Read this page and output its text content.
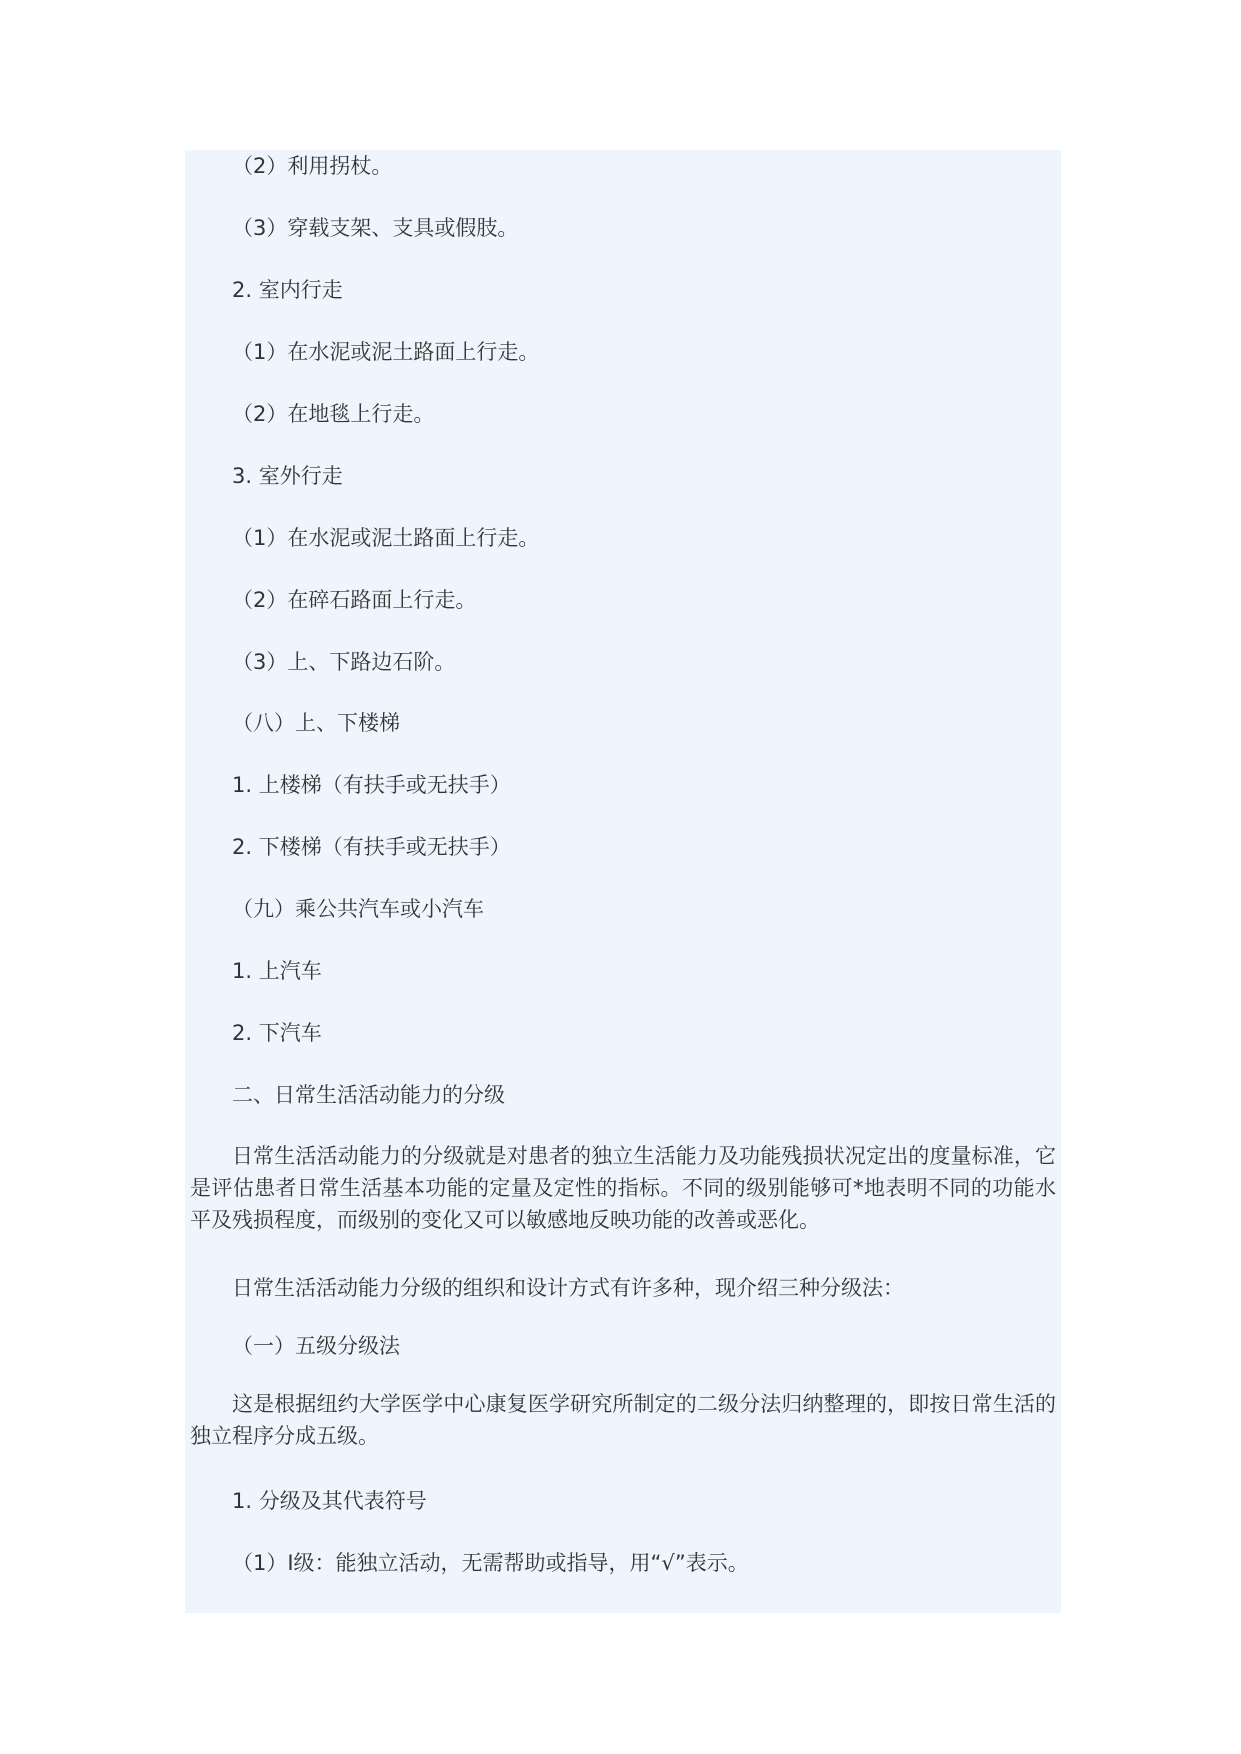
（2）利用拐杖。
（3）穿载支架、支具或假肢。
2. 室内行走
（1）在水泥或泥土路面上行走。
（2）在地毯上行走。
3. 室外行走
（1）在水泥或泥土路面上行走。
（2）在碎石路面上行走。
（3）上、下路边石阶。
（八）上、下楼梯
1. 上楼梯（有扶手或无扶手）
2. 下楼梯（有扶手或无扶手）
（九）乘公共汽车或小汽车
1. 上汽车
2. 下汽车
二、日常生活活动能力的分级
日常生活活动能力的分级就是对患者的独立生活能力及功能残损状况定出的度量标准，它是评估患者日常生活基本功能的定量及定性的指标。不同的级别能够可*地表明不同的功能水平及残损程度，而级别的变化又可以敏感地反映功能的改善或恶化。
日常生活活动能力分级的组织和设计方式有许多种，现介绍三种分级法：
（一）五级分级法
这是根据纽约大学医学中心康复医学研究所制定的二级分法归纳整理的，即按日常生活的独立程序分成五级。
1. 分级及其代表符号
（1）Ⅰ级：能独立活动，无需帮助或指导，用“√”表示。
